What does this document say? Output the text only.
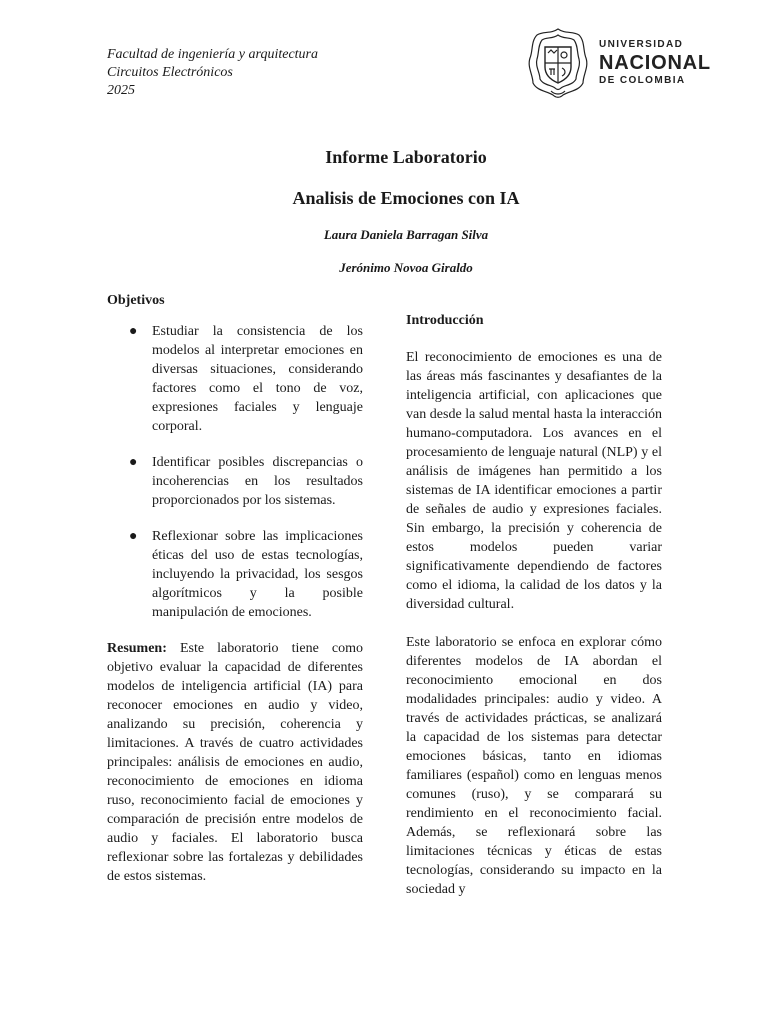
Facultad de ingeniería y arquitectura
Circuitos Electrónicos
2025
UNIVERSIDAD
NACIONAL
DE COLOMBIA
Informe Laboratorio
Analisis de Emociones con IA
Laura Daniela Barragan Silva
Jerónimo Novoa Giraldo
Objetivos
● Estudiar la consistencia de los modelos al interpretar emociones en diversas situaciones, considerando factores como el tono de voz, expresiones faciales y lenguaje corporal.
● Identificar posibles discrepancias o incoherencias en los resultados proporcionados por los sistemas.
● Reflexionar sobre las implicaciones éticas del uso de estas tecnologías, incluyendo la privacidad, los sesgos algorítmicos y la posible manipulación de emociones.

Resumen: Este laboratorio tiene como objetivo evaluar la capacidad de diferentes modelos de inteligencia artificial (IA) para reconocer emociones en audio y video, analizando su precisión, coherencia y limitaciones. A través de cuatro actividades principales: análisis de emociones en audio, reconocimiento de emociones en idioma ruso, reconocimiento facial de emociones y comparación de precisión entre modelos de audio y faciales. El laboratorio busca reflexionar sobre las fortalezas y debilidades de estos sistemas.

Introducción

El reconocimiento de emociones es una de las áreas más fascinantes y desafiantes de la inteligencia artificial, con aplicaciones que van desde la salud mental hasta la interacción humano-computadora. Los avances en el procesamiento de lenguaje natural (NLP) y el análisis de imágenes han permitido a los sistemas de IA identificar emociones a partir de señales de audio y expresiones faciales. Sin embargo, la precisión y coherencia de estos modelos pueden variar significativamente dependiendo de factores como el idioma, la calidad de los datos y la diversidad cultural.

Este laboratorio se enfoca en explorar cómo diferentes modelos de IA abordan el reconocimiento emocional en dos modalidades principales: audio y video. A través de actividades prácticas, se analizará la capacidad de los sistemas para detectar emociones básicas, tanto en idiomas familiares (español) como en lenguas menos comunes (ruso), y se comparará su rendimiento en el reconocimiento facial. Además, se reflexionará sobre las limitaciones técnicas y éticas de estas tecnologías, considerando su impacto en la sociedad y
